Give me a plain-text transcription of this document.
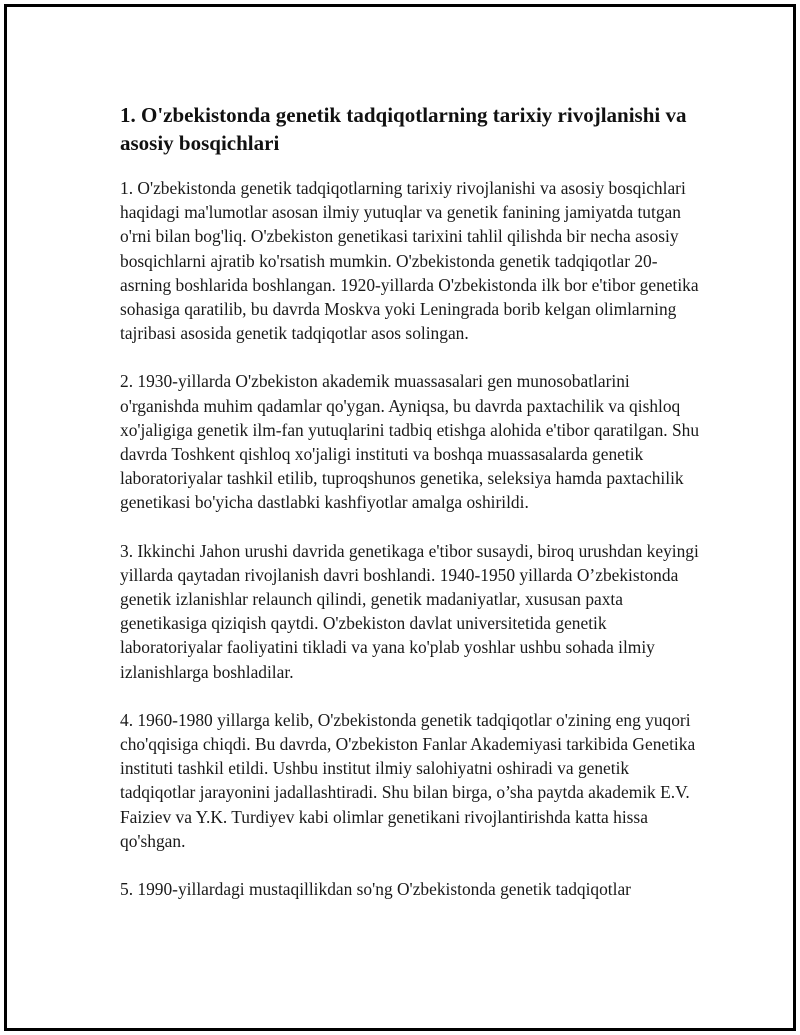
1. O'zbekistonda genetik tadqiqotlarning tarixiy rivojlanishi va asosiy bosqichlari

1. O'zbekistonda genetik tadqiqotlarning tarixiy rivojlanishi va asosiy bosqichlari haqidagi ma'lumotlar asosan ilmiy yutuqlar va genetik fanining jamiyatda tutgan o'rni bilan bog'liq. O'zbekiston genetikasi tarixini tahlil qilishda bir necha asosiy bosqichlarni ajratib ko'rsatish mumkin. O'zbekistonda genetik tadqiqotlar 20-asrning boshlarida boshlangan. 1920-yillarda O'zbekistonda ilk bor e'tibor genetika sohasiga qaratilib, bu davrda Moskva yoki Leningrada borib kelgan olimlarning tajribasi asosida genetik tadqiqotlar asos solingan.

2. 1930-yillarda O'zbekiston akademik muassasalari gen munosobatlarini o'rganishda muhim qadamlar qo'ygan. Ayniqsa, bu davrda paxtachilik va qishloq xo'jaligiga genetik ilm-fan yutuqlarini tadbiq etishga alohida e'tibor qaratilgan. Shu davrda Toshkent qishloq xo'jaligi instituti va boshqa muassasalarda genetik laboratoriyalar tashkil etilib, tuproqshunos genetika, seleksiya hamda paxtachilik genetikasi bo'yicha dastlabki kashfiyotlar amalga oshirildi.

3. Ikkinchi Jahon urushi davrida genetikaga e'tibor susaydi, biroq urushdan keyingi yillarda qaytadan rivojlanish davri boshlandi. 1940-1950 yillarda O’zbekistonda genetik izlanishlar relaunch qilindi, genetik madaniyatlar, xususan paxta genetikasiga qiziqish qaytdi. O'zbekiston davlat universitetida genetik laboratoriyalar faoliyatini tikladi va yana ko'plab yoshlar ushbu sohada ilmiy izlanishlarga boshladilar.

4. 1960-1980 yillarga kelib, O'zbekistonda genetik tadqiqotlar o'zining eng yuqori cho'qqisiga chiqdi. Bu davrda, O'zbekiston Fanlar Akademiyasi tarkibida Genetika instituti tashkil etildi. Ushbu institut ilmiy salohiyatni oshiradi va genetik tadqiqotlar jarayonini jadallashtiradi. Shu bilan birga, o’sha paytda akademik E.V. Faiziev va Y.K. Turdiyev kabi olimlar genetikani rivojlantirishda katta hissa qo'shgan.

5. 1990-yillardagi mustaqillikdan so'ng O'zbekistonda genetik tadqiqotlar
